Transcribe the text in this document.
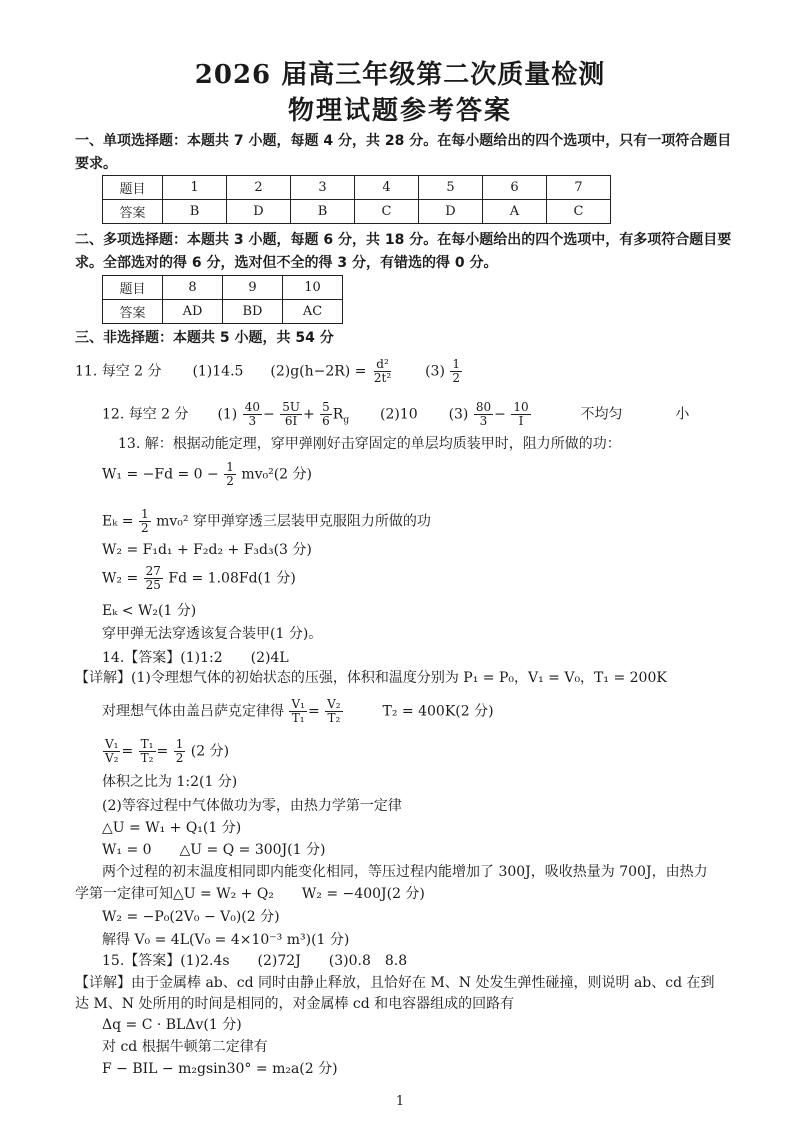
2026 届高三年级第二次质量检测
物理试题参考答案
一、单项选择题：本题共 7 小题，每题 4 分，共 28 分。在每小题给出的四个选项中，只有一项符合题目要求。
题目	1	2	3	4	5	6	7
答案	B	D	B	C	D	A	C
二、多项选择题：本题共 3 小题，每题 6 分，共 18 分。在每小题给出的四个选项中，有多项符合题目要求。全部选对的得 6 分，选对但不全的得 3 分，有错选的得 0 分。
题目	8	9	10
答案	AD	BD	AC
三、非选择题：本题共 5 小题，共 54 分
11. 每空 2 分 (1)14.5 $(2)g(h-2R) = \frac{\text{d²}}{\text{2t²}} (3) \frac{1}{2}$
12. 每空 2 分 $(1) \frac{40}{3} - \frac{5U}{6I} + \frac{5}{6} R_g$ (2)10 $(3) \frac{80}{3} - \frac{10}{I}$	不均匀	小
13. 解：根据动能定理，穿甲弹刚好击穿固定的单层均质装甲时，阻力所做的功：
$W_1 = -Fd = 0 - \frac{1}{2} mv_0^2(2$ 分)
$E_k = \frac{1}{2} mv_0^2$ 穿甲弹穿透三层装甲克服阻力所做的功
W₂ = F₁d₁ + F₂d₂ + F₃d₃(3 分)
$W_2 = \frac{27}{25}$ Fd = 1.08Fd(1 分)
Eₖ < W₂(1 分)
穿甲弹无法穿透该复合装甲(1 分)。
14.【答案】(1)1:2　　(2)4L
【详解】(1)令理想气体的初始状态的压强，体积和温度分别为 P₁ = P₀，V₁ = V₀，T₁ = 200K
对理想气体由盖吕萨克定律得 $\frac{\text{V₁}}{\text{T₁}} = \frac{\text{V₂}}{\text{T₂}}$	T₂ = 400K(2 分)
$\frac{\text{V₁}}{\text{V₂}} = \frac{\text{T₁}}{\text{T₂}} = \frac{1}{2} (2$ 分)
体积之比为 1:2(1 分)
(2)等容过程中气体做功为零，由热力学第一定律
△U = W₁ + Q₁(1 分)
W₁ = 0　　△U = Q = 300J(1 分)
两个过程的初末温度相同即内能变化相同，等压过程内能增加了 300J，吸收热量为 700J，由热力
学第一定律可知△U = W₂ + Q₂　　W₂ = −400J(2 分)
W₂ = −P₀(2V₀ − V₀)(2 分)
解得 V₀ = 4L(V₀ = 4×10⁻³ m³)(1 分)
15.【答案】(1)2.4s　　(2)72J　　(3)0.8　8.8
【详解】由于金属棒 ab、cd 同时由静止释放，且恰好在 M、N 处发生弹性碰撞，则说明 ab、cd 在到
达 M、N 处所用的时间是相同的，对金属棒 cd 和电容器组成的回路有
Δq = C · BLΔv(1 分)
对 cd 根据牛顿第二定律有
F − BIL − m₂gsin30° = m₂a(2 分)
1
